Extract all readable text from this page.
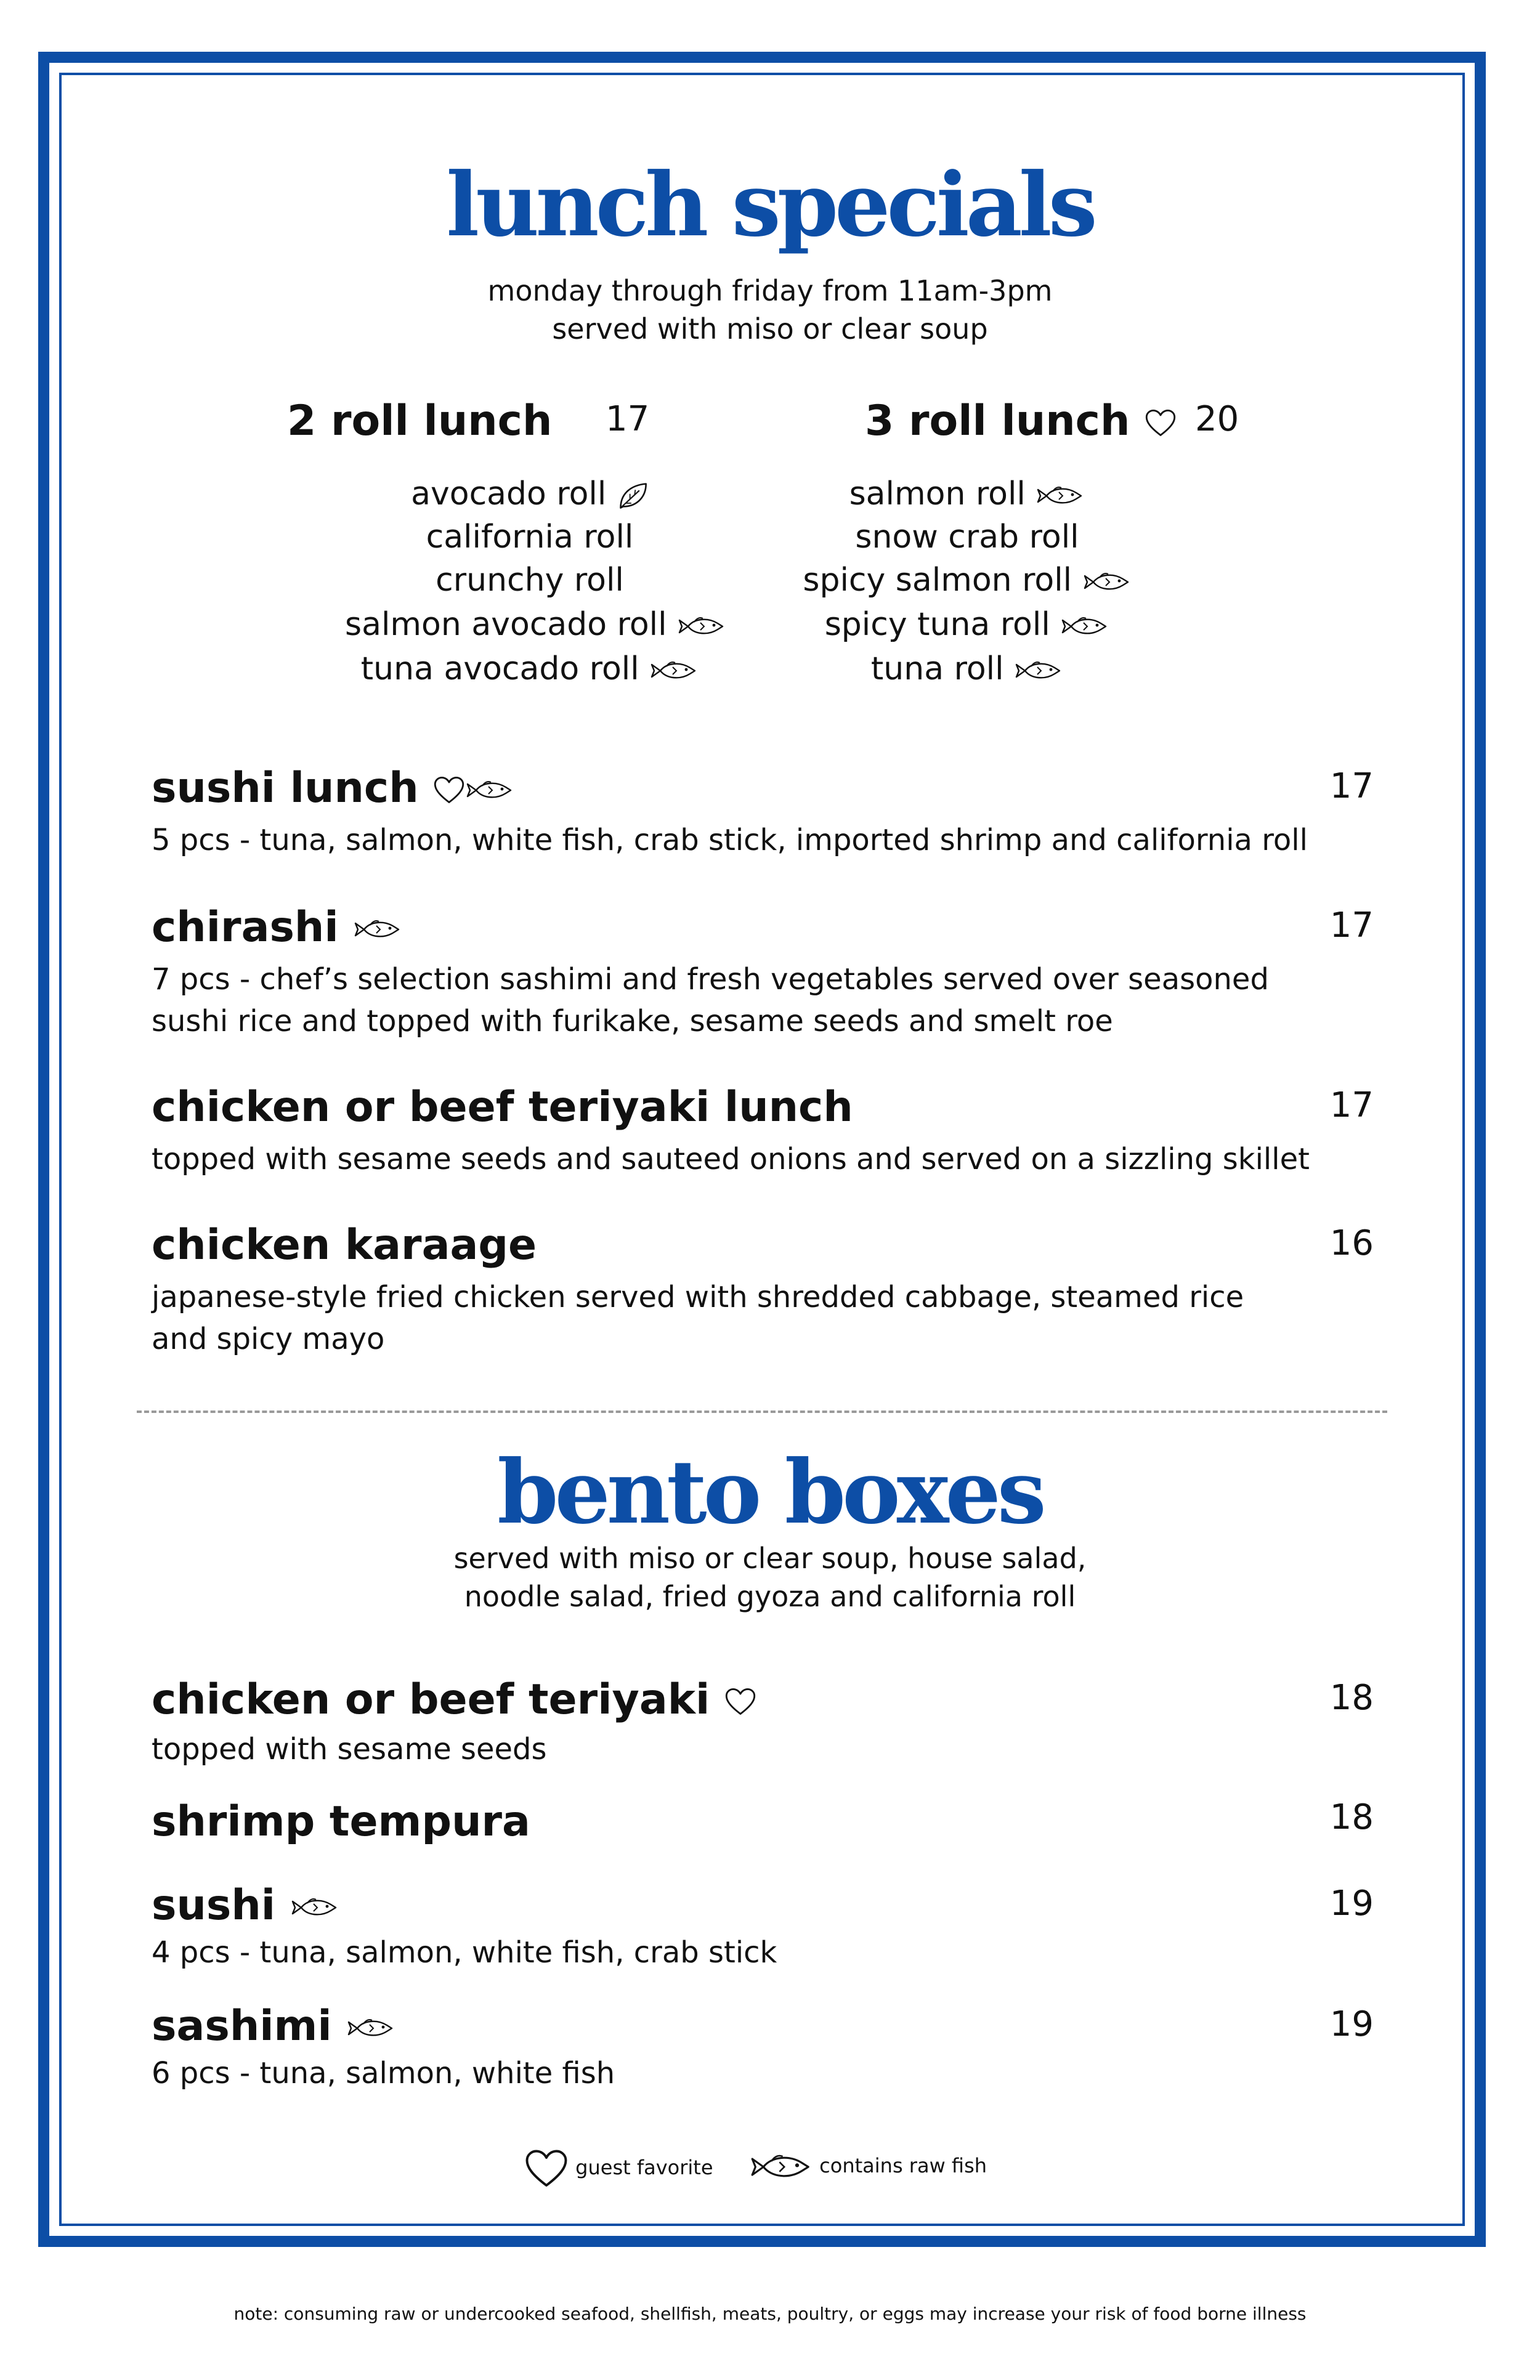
lunch specials
monday through friday from 11am-3pm
served with miso or clear soup
2 roll lunch 17
avocado roll
california roll
crunchy roll
salmon avocado roll
tuna avocado roll
3 roll lunch	20
salmon roll
snow crab roll
spicy salmon roll
spicy tuna roll
tuna roll
sushi lunch	17
5 pcs - tuna, salmon, white fish, crab stick, imported shrimp and california roll
chirashi	17
7 pcs - chef’s selection sashimi and fresh vegetables served over seasoned sushi rice and topped with furikake, sesame seeds and smelt roe
chicken or beef teriyaki lunch	17
topped with sesame seeds and sauteed onions and served on a sizzling skillet
chicken karaage	16
japanese-style fried chicken served with shredded cabbage, steamed rice and spicy mayo
bento boxes
served with miso or clear soup, house salad,
noodle salad, fried gyoza and california roll
chicken or beef teriyaki	18
topped with sesame seeds
shrimp tempura	18
sushi	19
4 pcs - tuna, salmon, white fish, crab stick
sashimi	19
6 pcs - tuna, salmon, white fish
guest favorite	contains raw fish
note: consuming raw or undercooked seafood, shellfish, meats, poultry, or eggs may increase your risk of food borne illness
